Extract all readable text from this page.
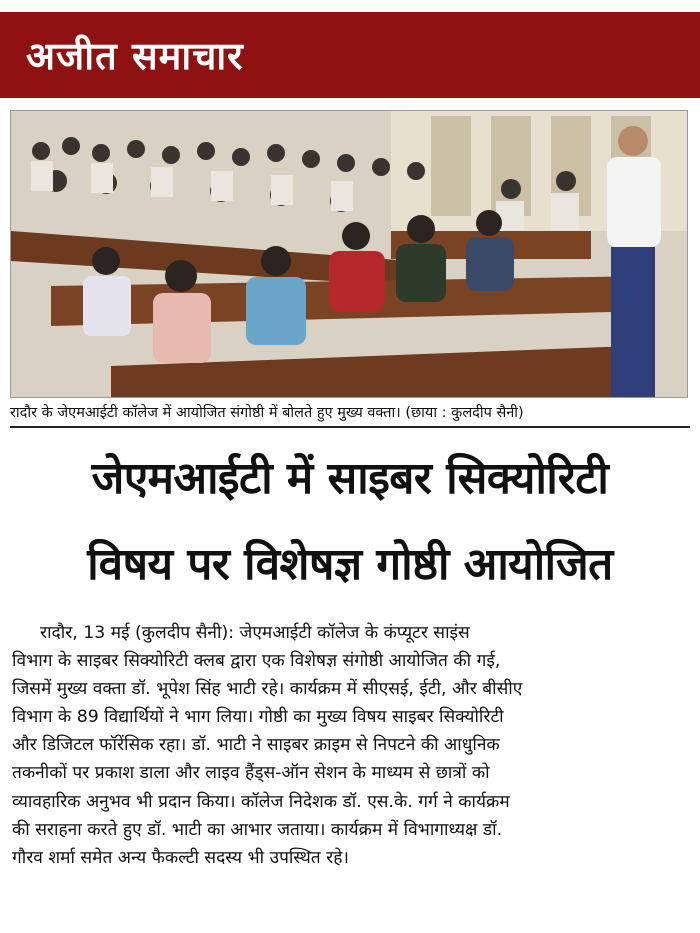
अजीत समाचार
रादौर के जेएमआईटी कॉलेज में आयोजित संगोष्ठी में बोलते हुए मुख्य वक्ता। (छाया : कुलदीप सैनी)
जेएमआईटी में साइबर सिक्योरिटी
विषय पर विशेषज्ञ गोष्ठी आयोजित
रादौर, 13 मई (कुलदीप सैनी): जेएमआईटी कॉलेज के कंप्यूटर साइंस
विभाग के साइबर सिक्योरिटी क्लब द्वारा एक विशेषज्ञ संगोष्ठी आयोजित की गई,
जिसमें मुख्य वक्ता डॉ. भूपेश सिंह भाटी रहे। कार्यक्रम में सीएसई, ईटी, और बीसीए
विभाग के 89 विद्यार्थियों ने भाग लिया। गोष्ठी का मुख्य विषय साइबर सिक्योरिटी
और डिजिटल फॉरेंसिक रहा। डॉ. भाटी ने साइबर क्राइम से निपटने की आधुनिक
तकनीकों पर प्रकाश डाला और लाइव हैंड्स-ऑन सेशन के माध्यम से छात्रों को
व्यावहारिक अनुभव भी प्रदान किया। कॉलेज निदेशक डॉ. एस.के. गर्ग ने कार्यक्रम
की सराहना करते हुए डॉ. भाटी का आभार जताया। कार्यक्रम में विभागाध्यक्ष डॉ.
गौरव शर्मा समेत अन्य फैकल्टी सदस्य भी उपस्थित रहे।
